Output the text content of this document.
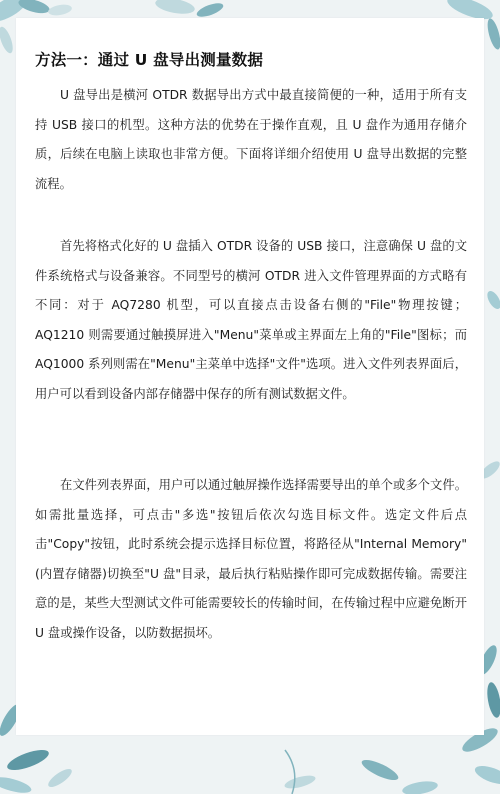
方法一：通过 U 盘导出测量数据

U 盘导出是横河 OTDR 数据导出方式中最直接简便的一种，适用于所有支持 USB 接口的机型。这种方法的优势在于操作直观，且 U 盘作为通用存储介质，后续在电脑上读取也非常方便。下面将详细介绍使用 U 盘导出数据的完整流程。

首先将格式化好的 U 盘插入 OTDR 设备的 USB 接口，注意确保 U 盘的文件系统格式与设备兼容。不同型号的横河 OTDR 进入文件管理界面的方式略有不同：对于 AQ7280 机型，可以直接点击设备右侧的"File"物理按键；AQ1210 则需要通过触摸屏进入"Menu"菜单或主界面左上角的"File"图标；而 AQ1000 系列则需在"Menu"主菜单中选择"文件"选项。进入文件列表界面后，用户可以看到设备内部存储器中保存的所有测试数据文件。

在文件列表界面，用户可以通过触屏操作选择需要导出的单个或多个文件。如需批量选择，可点击"多选"按钮后依次勾选目标文件。选定文件后点击"Copy"按钮，此时系统会提示选择目标位置，将路径从"Internal Memory"(内置存储器)切换至"U 盘"目录，最后执行粘贴操作即可完成数据传输。需要注意的是，某些大型测试文件可能需要较长的传输时间，在传输过程中应避免断开 U 盘或操作设备，以防数据损坏。
